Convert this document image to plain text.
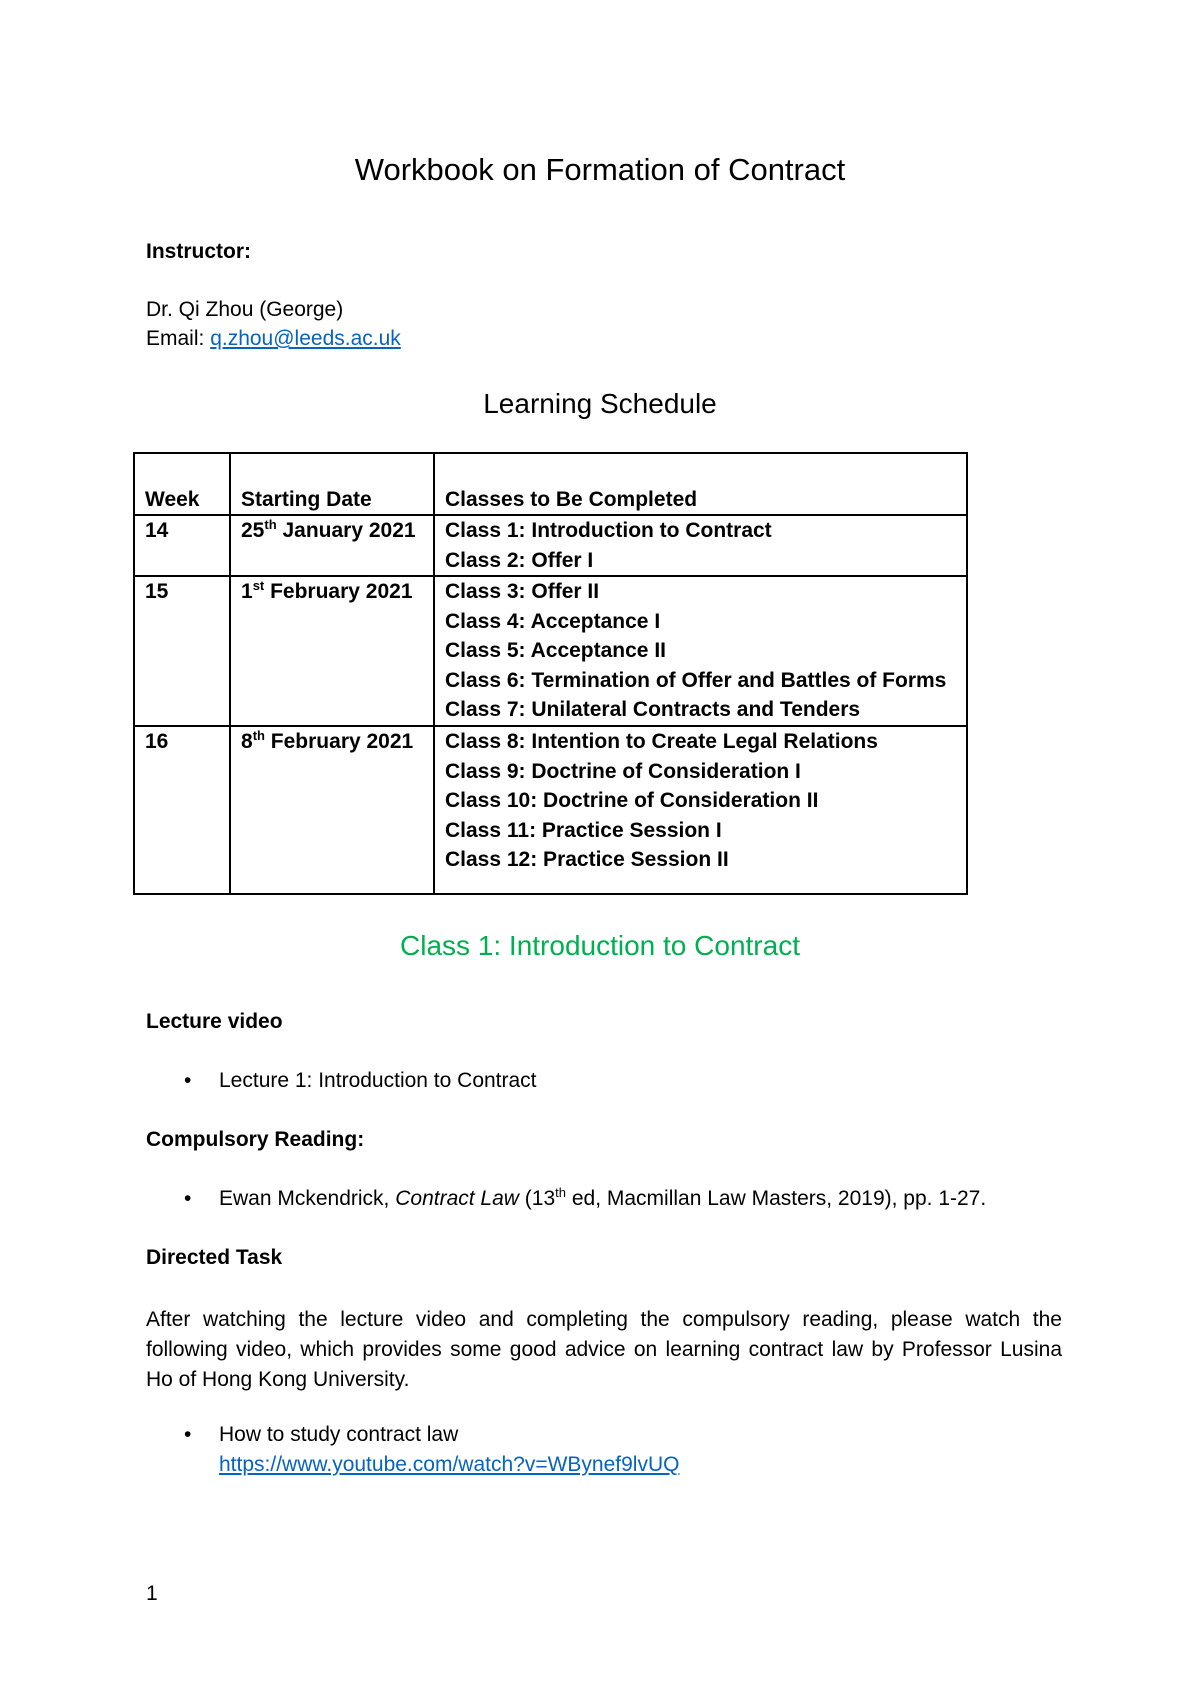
Workbook on Formation of Contract
Instructor:
Dr. Qi Zhou (George)
Email: q.zhou@leeds.ac.uk
Learning Schedule
Week	Starting Date	Classes to Be Completed
14	25th January 2021	Class 1: Introduction to Contract
Class 2: Offer I

15	1st February 2021	Class 3: Offer II
Class 4: Acceptance I
Class 5: Acceptance II
Class 6: Termination of Offer and Battles of Forms
Class 7: Unilateral Contracts and Tenders

16	8th February 2021	Class 8: Intention to Create Legal Relations
Class 9: Doctrine of Consideration I
Class 10: Doctrine of Consideration II
Class 11: Practice Session I
Class 12: Practice Session II
Class 1: Introduction to Contract
Lecture video
•	Lecture 1: Introduction to Contract
Compulsory Reading:
•	Ewan Mckendrick, Contract Law (13th ed, Macmillan Law Masters, 2019), pp. 1-27.
Directed Task
After watching the lecture video and completing the compulsory reading, please watch the following video, which provides some good advice on learning contract law by Professor Lusina Ho of Hong Kong University.
•	How to study contract law
https://www.youtube.com/watch?v=WBynef9lvUQ
1
